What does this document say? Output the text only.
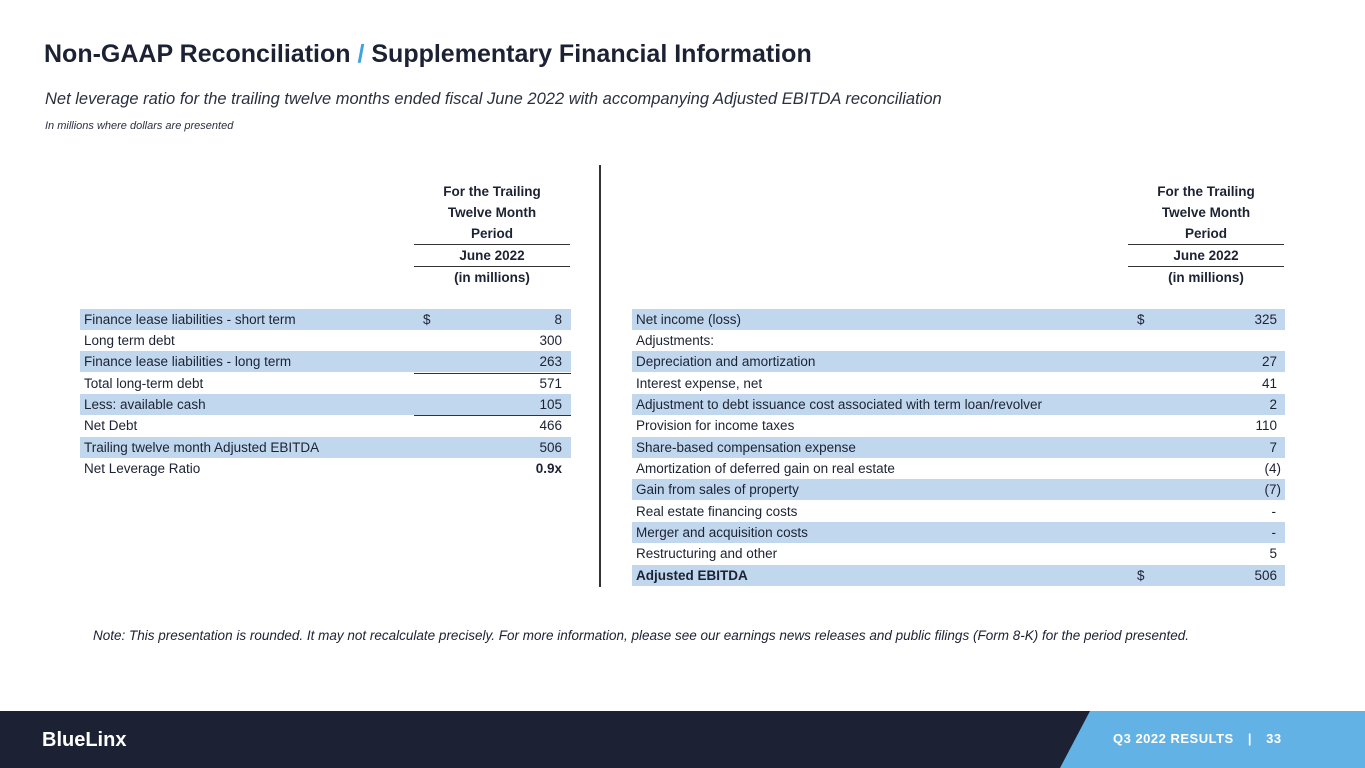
Non-GAAP Reconciliation / Supplementary Financial Information
Net leverage ratio for the trailing twelve months ended fiscal June 2022 with accompanying Adjusted EBITDA reconciliation
In millions where dollars are presented
For the Trailing
Twelve Month
Period
June 2022
(in millions)
Finance lease liabilities - short term	$	8
Long term debt	300
Finance lease liabilities - long term	263
Total long-term debt	571
Less: available cash	105
Net Debt	466
Trailing twelve month Adjusted EBITDA	506
Net Leverage Ratio	0.9x
For the Trailing
Twelve Month
Period
June 2022
(in millions)
Net income (loss)	$	325
Adjustments:
Depreciation and amortization	27
Interest expense, net	41
Adjustment to debt issuance cost associated with term loan/revolver	2
Provision for income taxes	110
Share-based compensation expense	7
Amortization of deferred gain on real estate	(4)
Gain from sales of property	(7)
Real estate financing costs	-
Merger and acquisition costs	-
Restructuring and other	5
Adjusted EBITDA	$	506
Note: This presentation is rounded. It may not recalculate precisely. For more information, please see our earnings news releases and public filings (Form 8-K) for the period presented.
BlueLinx	Q3 2022 RESULTS | 33
